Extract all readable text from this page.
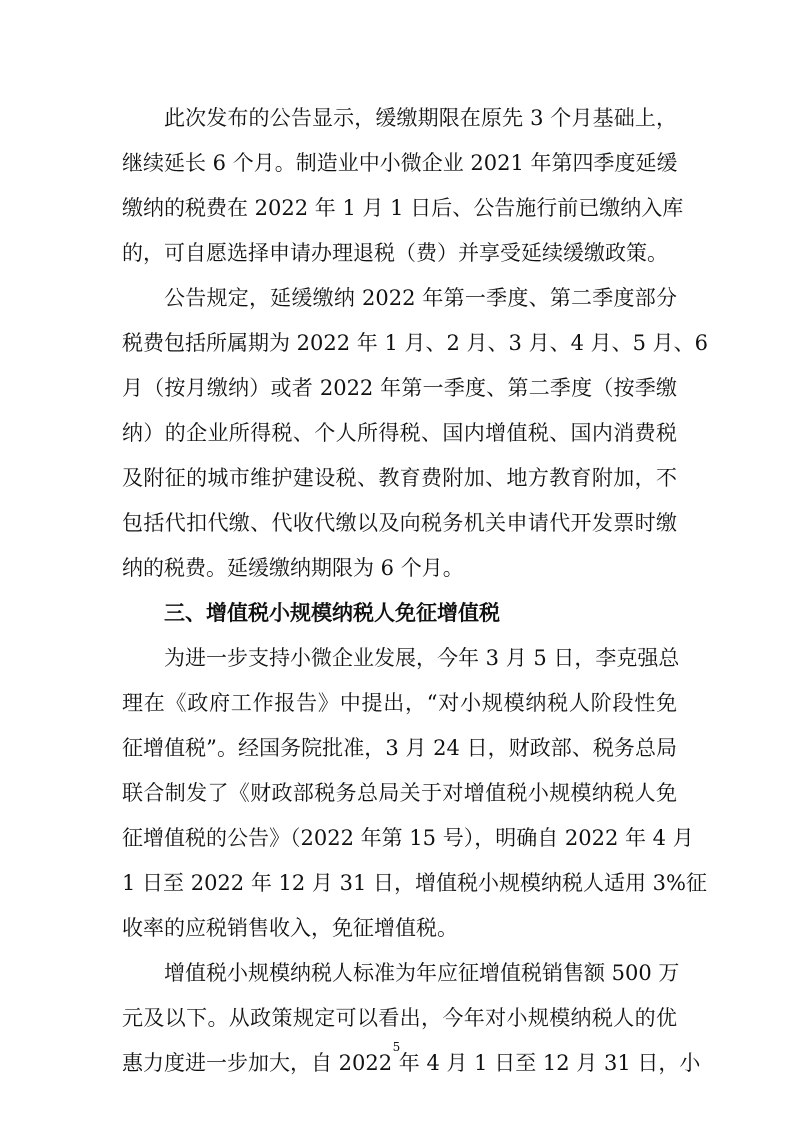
此次发布的公告显示，缓缴期限在原先 3 个月基础上，
继续延长 6 个月。制造业中小微企业 2021 年第四季度延缓
缴纳的税费在 2022 年 1 月 1 日后、公告施行前已缴纳入库
的，可自愿选择申请办理退税（费）并享受延续缓缴政策。
公告规定，延缓缴纳 2022 年第一季度、第二季度部分
税费包括所属期为 2022 年 1 月、2 月、3 月、4 月、5 月、6
月（按月缴纳）或者 2022 年第一季度、第二季度（按季缴
纳）的企业所得税、个人所得税、国内增值税、国内消费税
及附征的城市维护建设税、教育费附加、地方教育附加，不
包括代扣代缴、代收代缴以及向税务机关申请代开发票时缴
纳的税费。延缓缴纳期限为 6 个月。
三、增值税小规模纳税人免征增值税
为进一步支持小微企业发展，今年 3 月 5 日，李克强总
理在《政府工作报告》中提出，“对小规模纳税人阶段性免
征增值税”。经国务院批准，3 月 24 日，财政部、税务总局
联合制发了《财政部税务总局关于对增值税小规模纳税人免
征增值税的公告》（2022 年第 15 号），明确自 2022 年 4 月
1 日至 2022 年 12 月 31 日，增值税小规模纳税人适用 3%征
收率的应税销售收入，免征增值税。
增值税小规模纳税人标准为年应征增值税销售额 500 万
元及以下。从政策规定可以看出，今年对小规模纳税人的优
惠力度进一步加大，自 2022 年 4 月 1 日至 12 月 31 日，小
5
